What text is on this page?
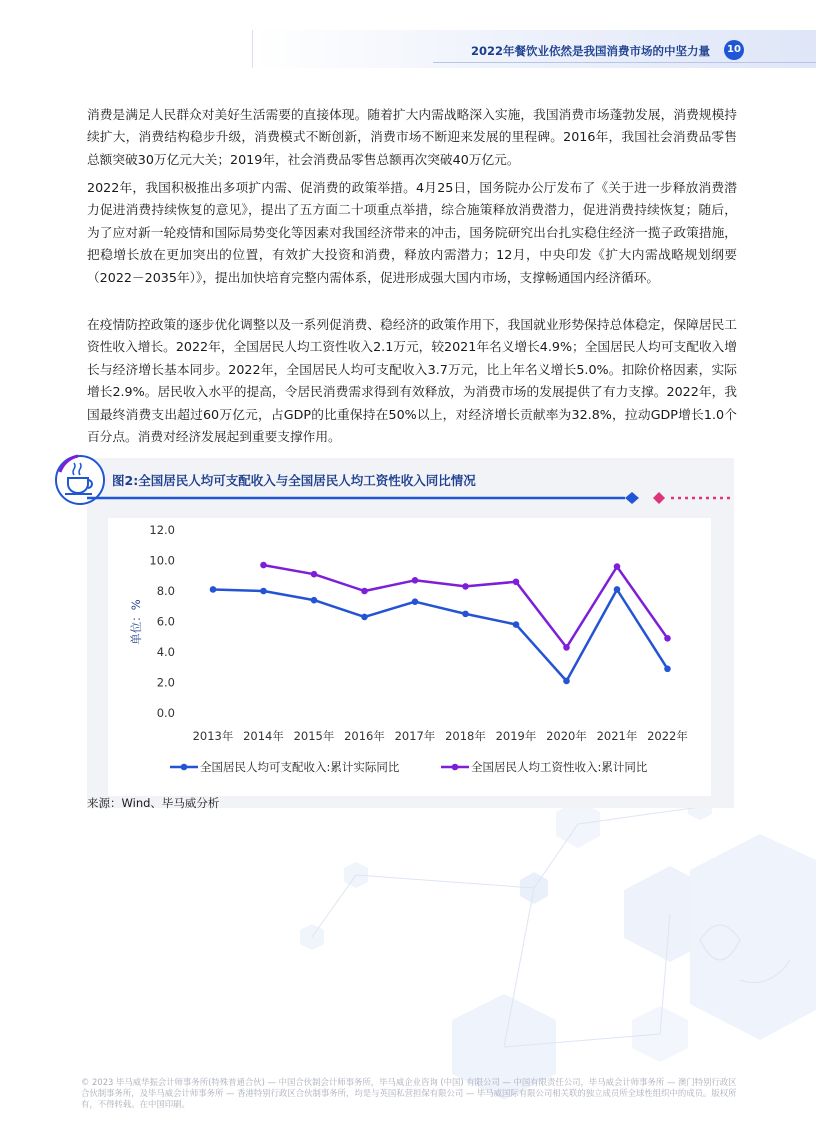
2022年餐饮业依然是我国消费市场的中坚力量	10

消费是满足人民群众对美好生活需要的直接体现。随着扩大内需战略深入实施，我国消费市场蓬勃发展，消费规模持续扩大，消费结构稳步升级，消费模式不断创新，消费市场不断迎来发展的里程碑。2016年，我国社会消费品零售总额突破30万亿元大关；2019年，社会消费品零售总额再次突破40万亿元。

2022年，我国积极推出多项扩内需、促消费的政策举措。4月25日，国务院办公厅发布了《关于进一步释放消费潜力促进消费持续恢复的意见》，提出了五方面二十项重点举措，综合施策释放消费潜力，促进消费持续恢复；随后，为了应对新一轮疫情和国际局势变化等因素对我国经济带来的冲击，国务院研究出台扎实稳住经济一揽子政策措施，把稳增长放在更加突出的位置，有效扩大投资和消费，释放内需潜力；12月，中央印发《扩大内需战略规划纲要（2022－2035年）》，提出加快培育完整内需体系，促进形成强大国内市场，支撑畅通国内经济循环。

在疫情防控政策的逐步优化调整以及一系列促消费、稳经济的政策作用下，我国就业形势保持总体稳定，保障居民工资性收入增长。2022年，全国居民人均工资性收入2.1万元，较2021年名义增长4.9%；全国居民人均可支配收入增长与经济增长基本同步。2022年，全国居民人均可支配收入3.7万元，比上年名义增长5.0%。扣除价格因素，实际增长2.9%。居民收入水平的提高，令居民消费需求得到有效释放，为消费市场的发展提供了有力支撑。2022年，我国最终消费支出超过60万亿元，占GDP的比重保持在50%以上，对经济增长贡献率为32.8%，拉动GDP增长1.0个百分点。消费对经济发展起到重要支撑作用。

图2:全国居民人均可支配收入与全国居民人均工资性收入同比情况
0.0
2.0
4.0
6.0
8.0
10.0
12.0
单位：%
2013年 2014年 2015年 2016年 2017年 2018年 2019年 2020年 2021年 2022年
全国居民人均可支配收入:累计实际同比	全国居民人均工资性收入:累计同比
来源：Wind、毕马威分析

© 2023 毕马威华振会计师事务所(特殊普通合伙) — 中国合伙制会计师事务所，毕马威企业咨询 (中国) 有限公司 — 中国有限责任公司，毕马威会计师事务所 — 澳门特别行政区合伙制事务所，及毕马威会计师事务所 — 香港特别行政区合伙制事务所，均是与英国私营担保有限公司 — 毕马威国际有限公司相关联的独立成员所全球性组织中的成员。版权所有，不得转载。在中国印刷。
